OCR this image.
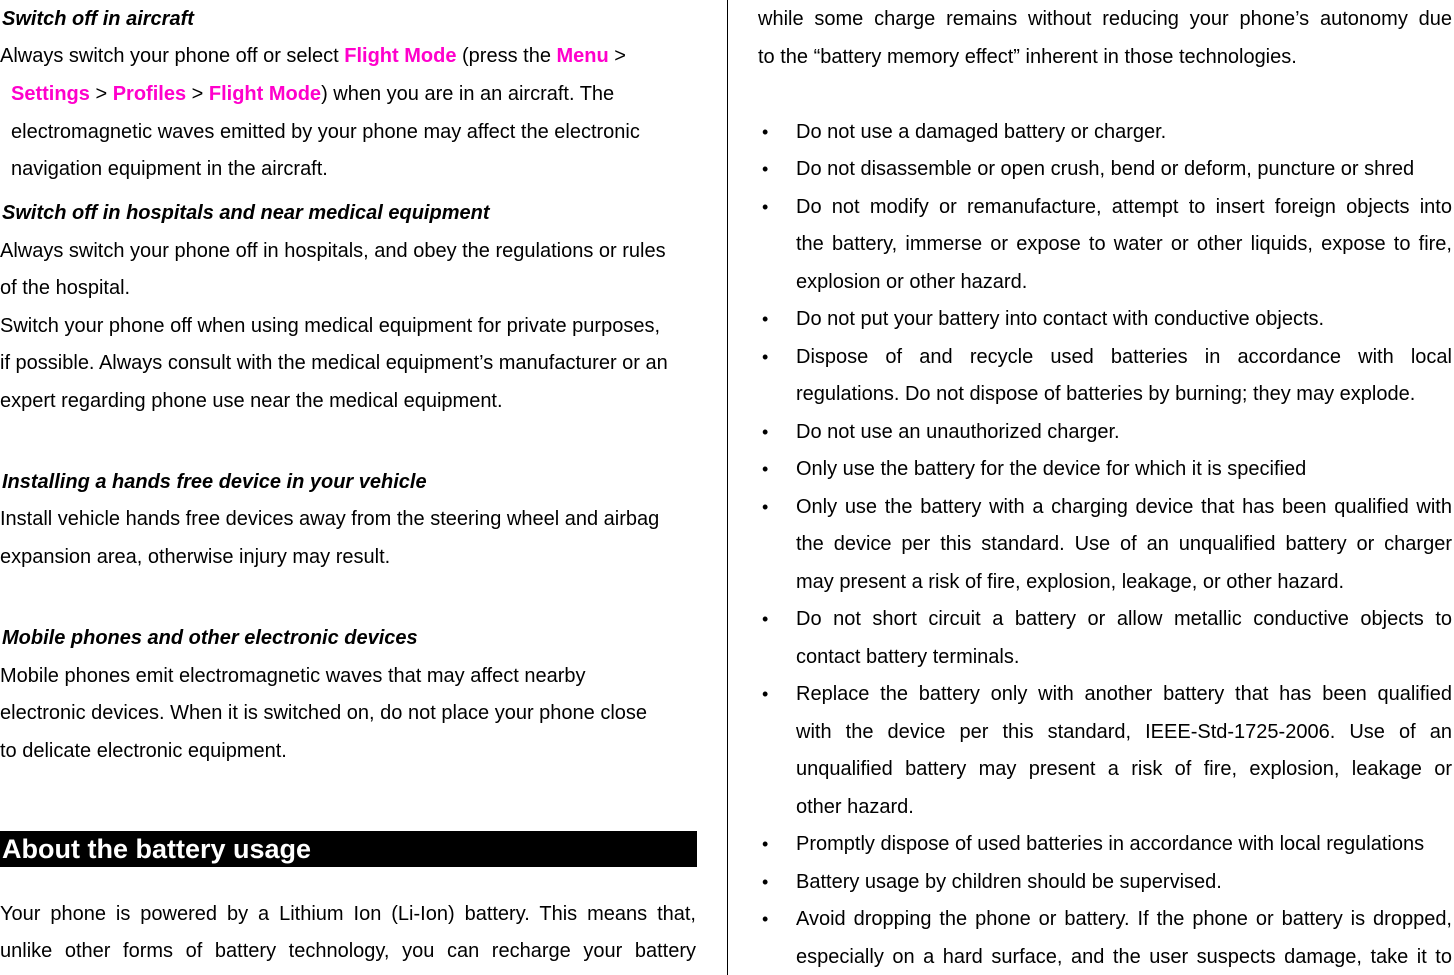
Switch off in aircraft
Always switch your phone off or select Flight Mode (press the Menu >
Settings > Profiles > Flight Mode) when you are in an aircraft. The
electromagnetic waves emitted by your phone may affect the electronic
navigation equipment in the aircraft.
Switch off in hospitals and near medical equipment
Always switch your phone off in hospitals, and obey the regulations or rules
of the hospital.
Switch your phone off when using medical equipment for private purposes,
if possible. Always consult with the medical equipment’s manufacturer or an
expert regarding phone use near the medical equipment.
Installing a hands free device in your vehicle
Install vehicle hands free devices away from the steering wheel and airbag
expansion area, otherwise injury may result.
Mobile phones and other electronic devices
Mobile phones emit electromagnetic waves that may affect nearby
electronic devices. When it is switched on, do not place your phone close
to delicate electronic equipment.
About the battery usage
Your phone is powered by a Lithium Ion (Li-Ion) battery. This means that,
unlike other forms of battery technology, you can recharge your battery
while some charge remains without reducing your phone’s autonomy due
to the “battery memory effect” inherent in those technologies.
• Do not use a damaged battery or charger.
• Do not disassemble or open crush, bend or deform, puncture or shred
• Do not modify or remanufacture, attempt to insert foreign objects into
the battery, immerse or expose to water or other liquids, expose to fire,
explosion or other hazard.
• Do not put your battery into contact with conductive objects.
• Dispose of and recycle used batteries in accordance with local
regulations. Do not dispose of batteries by burning; they may explode.
• Do not use an unauthorized charger.
• Only use the battery for the device for which it is specified
• Only use the battery with a charging device that has been qualified with
the device per this standard. Use of an unqualified battery or charger
may present a risk of fire, explosion, leakage, or other hazard.
• Do not short circuit a battery or allow metallic conductive objects to
contact battery terminals.
• Replace the battery only with another battery that has been qualified
with the device per this standard, IEEE-Std-1725-2006. Use of an
unqualified battery may present a risk of fire, explosion, leakage or
other hazard.
• Promptly dispose of used batteries in accordance with local regulations
• Battery usage by children should be supervised.
• Avoid dropping the phone or battery. If the phone or battery is dropped,
especially on a hard surface, and the user suspects damage, take it to
